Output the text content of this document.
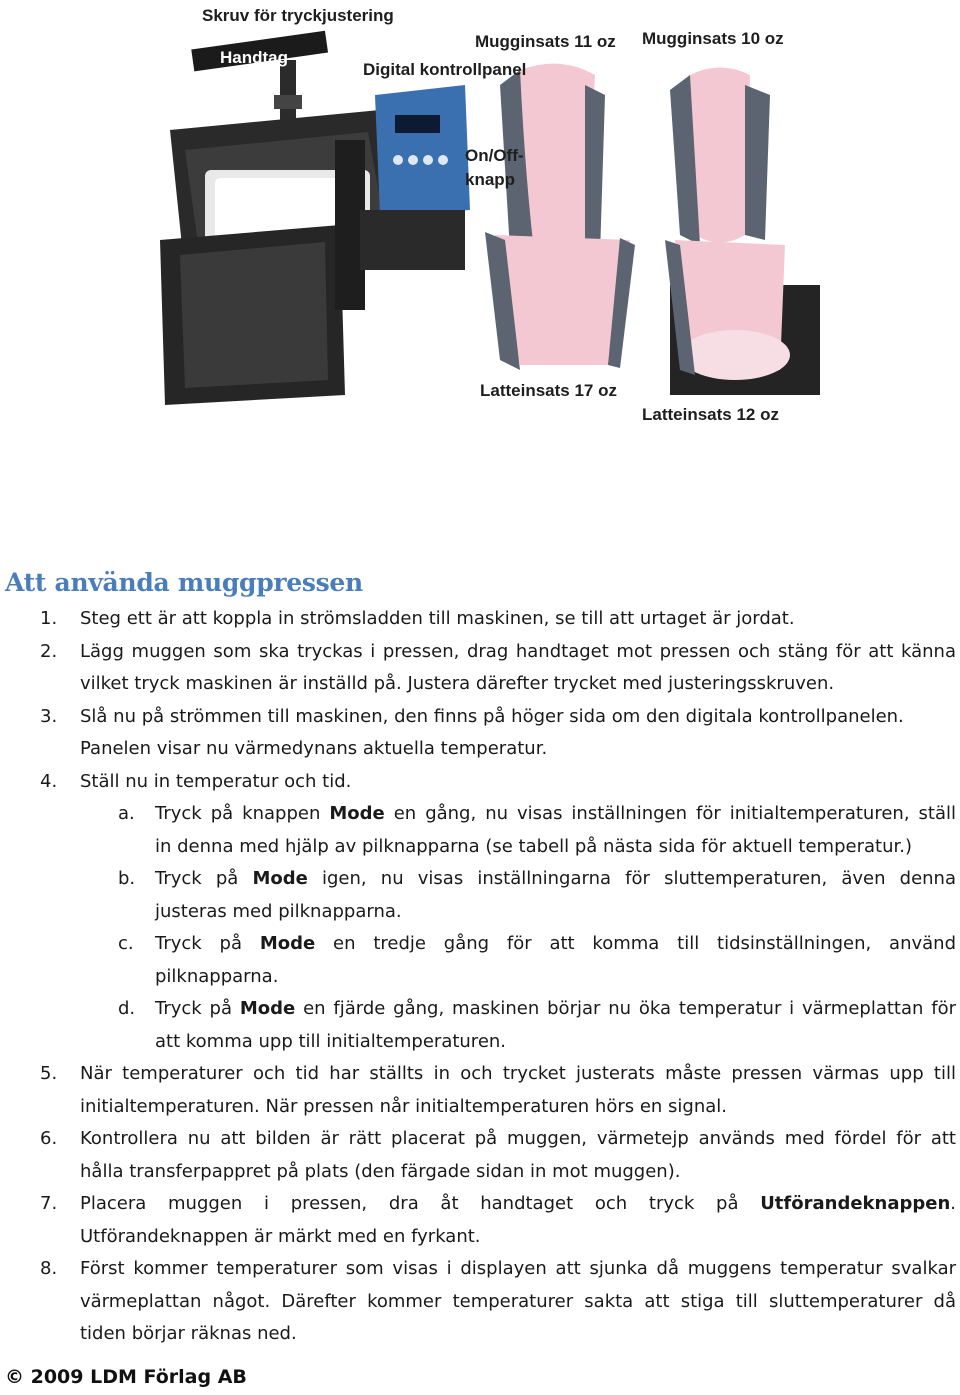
Skruv för tryckjustering
Handtag
Digital kontrollpanel
On/Off-
knapp
Mugginsats 11 oz Mugginsats 10 oz
Latteinsats 17 oz
Latteinsats 12 oz
Att använda muggpressen
1. Steg ett är att koppla in strömsladden till maskinen, se till att urtaget är jordat.
2. Lägg muggen som ska tryckas i pressen, drag handtaget mot pressen och stäng för att känna
vilket tryck maskinen är inställd på. Justera därefter trycket med justeringsskruven.
3. Slå nu på strömmen till maskinen, den finns på höger sida om den digitala kontrollpanelen.
Panelen visar nu värmedynans aktuella temperatur.
4. Ställ nu in temperatur och tid.
a. Tryck på knappen Mode en gång, nu visas inställningen för initialtemperaturen, ställ
in denna med hjälp av pilknapparna (se tabell på nästa sida för aktuell temperatur.)
b. Tryck på Mode igen, nu visas inställningarna för sluttemperaturen, även denna
justeras med pilknapparna.
c. Tryck på Mode en tredje gång för att komma till tidsinställningen, använd
pilknapparna.
d. Tryck på Mode en fjärde gång, maskinen börjar nu öka temperatur i värmeplattan för
att komma upp till initialtemperaturen.
5. När temperaturer och tid har ställts in och trycket justerats måste pressen värmas upp till
initialtemperaturen. När pressen når initialtemperaturen hörs en signal.
6. Kontrollera nu att bilden är rätt placerat på muggen, värmetejp används med fördel för att
hålla transferpappret på plats (den färgade sidan in mot muggen).
7. Placera muggen i pressen, dra åt handtaget och tryck på Utförandeknappen.
Utförandeknappen är märkt med en fyrkant.
8. Först kommer temperaturer som visas i displayen att sjunka då muggens temperatur svalkar
värmeplattan något. Därefter kommer temperaturer sakta att stiga till sluttemperaturer då
tiden börjar räknas ned.
© 2009 LDM Förlag AB
